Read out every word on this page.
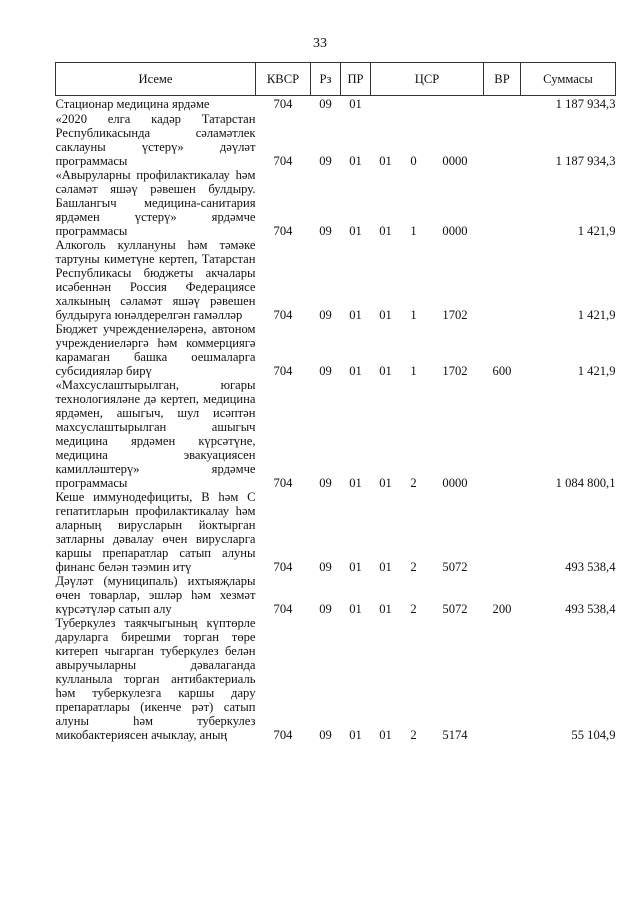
33
Исеме	КВСР	Рз	ПР	ЦСР			ВР	Суммасы
Стационар медицина ярдәме	704	09	01					1 187 934,3
«2020 елга кадәр Татарстан Республикасында сәламәтлек саклауны үстерү» дәүләт программасы	704	09	01	01	0	0000		1 187 934,3
«Авыруларны профилактикалау һәм сәламәт яшәү рәвешен булдыру. Башлангыч медицина-санитария ярдәмен үстерү» ярдәмче программасы	704	09	01	01	1	0000		1 421,9
Алкоголь куллануны һәм тәмәке тартуны киметүне кертеп, Татарстан Республикасы бюджеты акчалары исәбеннән Россия Федерациясе халкының сәламәт яшәү рәвешен булдыруга юнәлдерелгән гамәлләр	704	09	01	01	1	1702		1 421,9
Бюджет учреждениеләренә, автоном учреждениеләргә һәм коммерциягә карамаган башка оешмаларга субсидияләр бирү	704	09	01	01	1	1702	600	1 421,9
«Махсуслаштырылган, югары технологияләне дә кертеп, медицина ярдәмен, ашыгыч, шул исәптән махсуслаштырылган ашыгыч медицина ярдәмен күрсәтүне, медицина эвакуациясен камилләштерү» ярдәмче программасы	704	09	01	01	2	0000		1 084 800,1
Кеше иммунодефициты, B һәм C гепатитларын профилактикалау һәм аларның вирусларын йоктырган затларны дәвалау өчен вирусларга каршы препаратлар сатып алуны финанс белән тәэмин итү	704	09	01	01	2	5072		493 538,4
Дәүләт (муниципаль) ихтыяҗлары өчен товарлар, эшләр һәм хезмәт күрсәтүләр сатып алу	704	09	01	01	2	5072	200	493 538,4
Туберкулез таякчыгының күптөрле даруларга бирешми торган төре китереп чыгарган туберкулез белән авыручыларны дәвалаганда кулланыла торган антибактериаль һәм туберкулезга каршы дару препаратлары (икенче рәт) сатып алуны һәм туберкулез микобактериясен ачыклау, аның	704	09	01	01	2	5174		55 104,9
